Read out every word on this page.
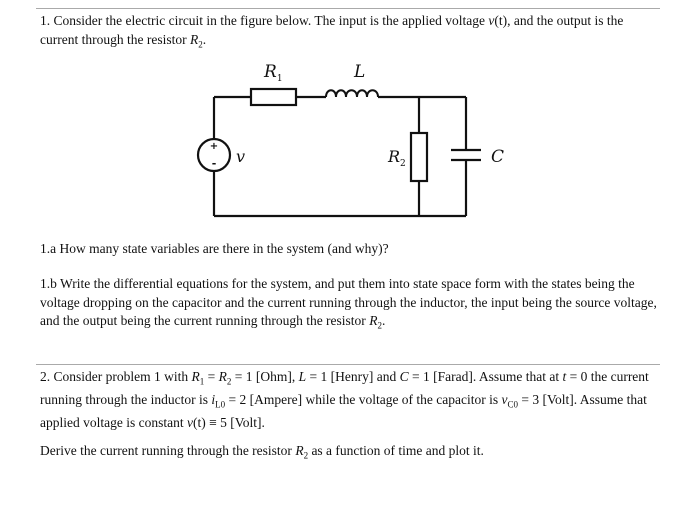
1. Consider the electric circuit in the figure below. The input is the applied voltage v(t), and the output is the current through the resistor $R_2$.

+
-
$R_1$	L
$R_2$	C
v

1.a How many state variables are there in the system (and why)?

1.b Write the differential equations for the system, and put them into state space form with the states being the voltage dropping on the capacitor and the current running through the inductor, the input being the source voltage, and the output being the current running through the resistor $R_2$.

2. Consider problem 1 with $R_1 = R_2 = 1$ [Ohm], L = 1 [Henry] and C = 1 [Farad]. Assume that at t = 0 the current running through the inductor is $i_{L0} = 2$ [Ampere] while the voltage of the capacitor is $v_{C0} = 3$ [Volt]. Assume that applied voltage is constant v(t) ≡ 5 [Volt].

Derive the current running through the resistor $R_2$ as a function of time and plot it.
